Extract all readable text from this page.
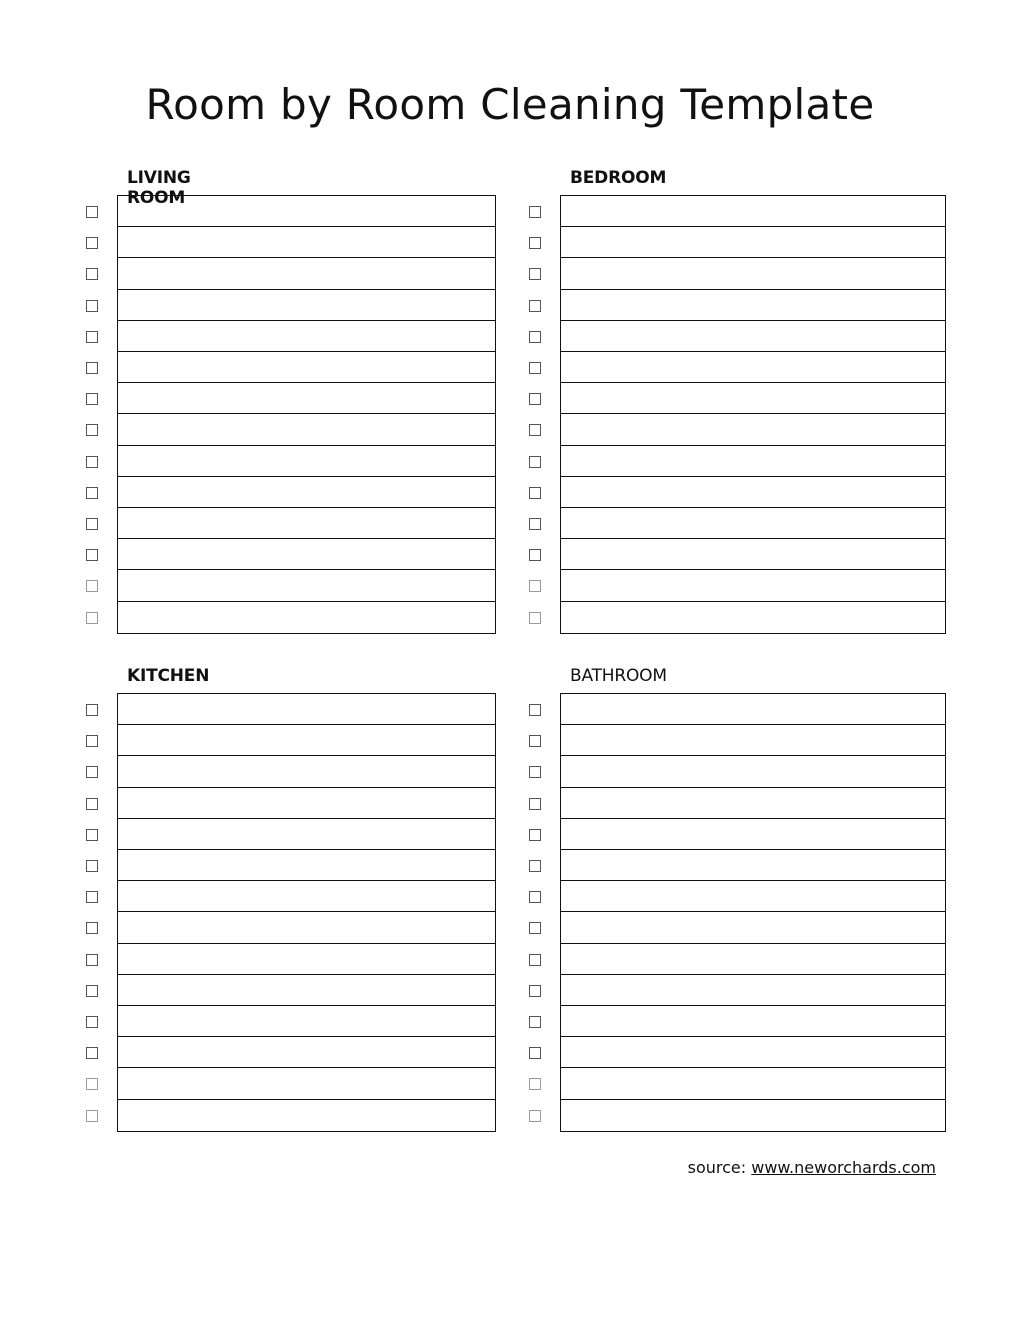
Room by Room Cleaning Template
LIVING ROOM
BEDROOM
KITCHEN	BATHROOM
source: www.neworchards.com
